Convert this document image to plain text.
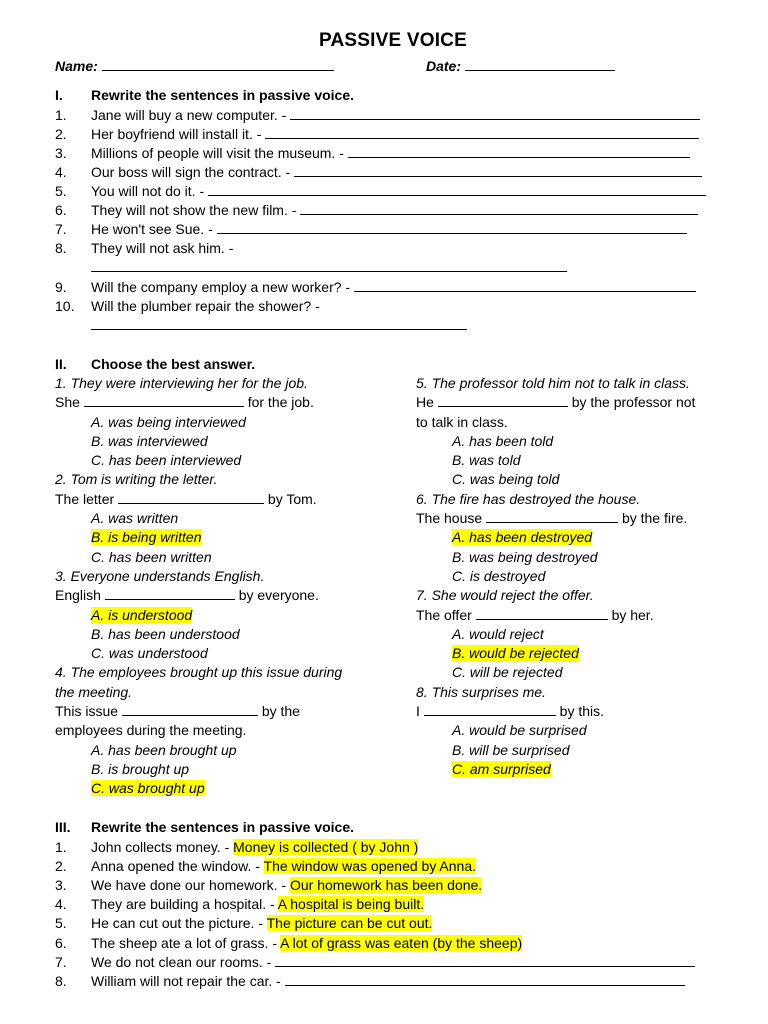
PASSIVE VOICE
Name:	Date:
I. Rewrite the sentences in passive voice.
1. Jane will buy a new computer. -
2. Her boyfriend will install it. -
3. Millions of people will visit the museum. -
4. Our boss will sign the contract. -
5. You will not do it. -
6. They will not show the new film. -
7. He won't see Sue. -
8. They will not ask him. -
9. Will the company employ a new worker? -
10. Will the plumber repair the shower? -
II. Choose the best answer.
1. They were interviewing her for the job.
She	for the job.
A. was being interviewed
B. was interviewed
C. has been interviewed
2. Tom is writing the letter.
The letter	by Tom.
A. was written
B. is being written
C. has been written
3. Everyone understands English.
English	by everyone.
A. is understood
B. has been understood
C. was understood
4. The employees brought up this issue during
the meeting.
This issue	by the
employees during the meeting.
A. has been brought up
B. is brought up
C. was brought up
5. The professor told him not to talk in class.
He	by the professor not
to talk in class.
A. has been told
B. was told
C. was being told
6. The fire has destroyed the house.
The house	by the fire.
A. has been destroyed
B. was being destroyed
C. is destroyed
7. She would reject the offer.
The offer	by her.
A. would reject
B. would be rejected
C. will be rejected
8. This surprises me.
I	by this.
A. would be surprised
B. will be surprised
C. am surprised
III. Rewrite the sentences in passive voice.
1. John collects money. - Money is collected ( by John )
2. Anna opened the window. - The window was opened by Anna.
3. We have done our homework. - Our homework has been done.
4. They are building a hospital. - A hospital is being built.
5. He can cut out the picture. - The picture can be cut out.
6. The sheep ate a lot of grass. - A lot of grass was eaten (by the sheep)
7. We do not clean our rooms. -
8. William will not repair the car. -
